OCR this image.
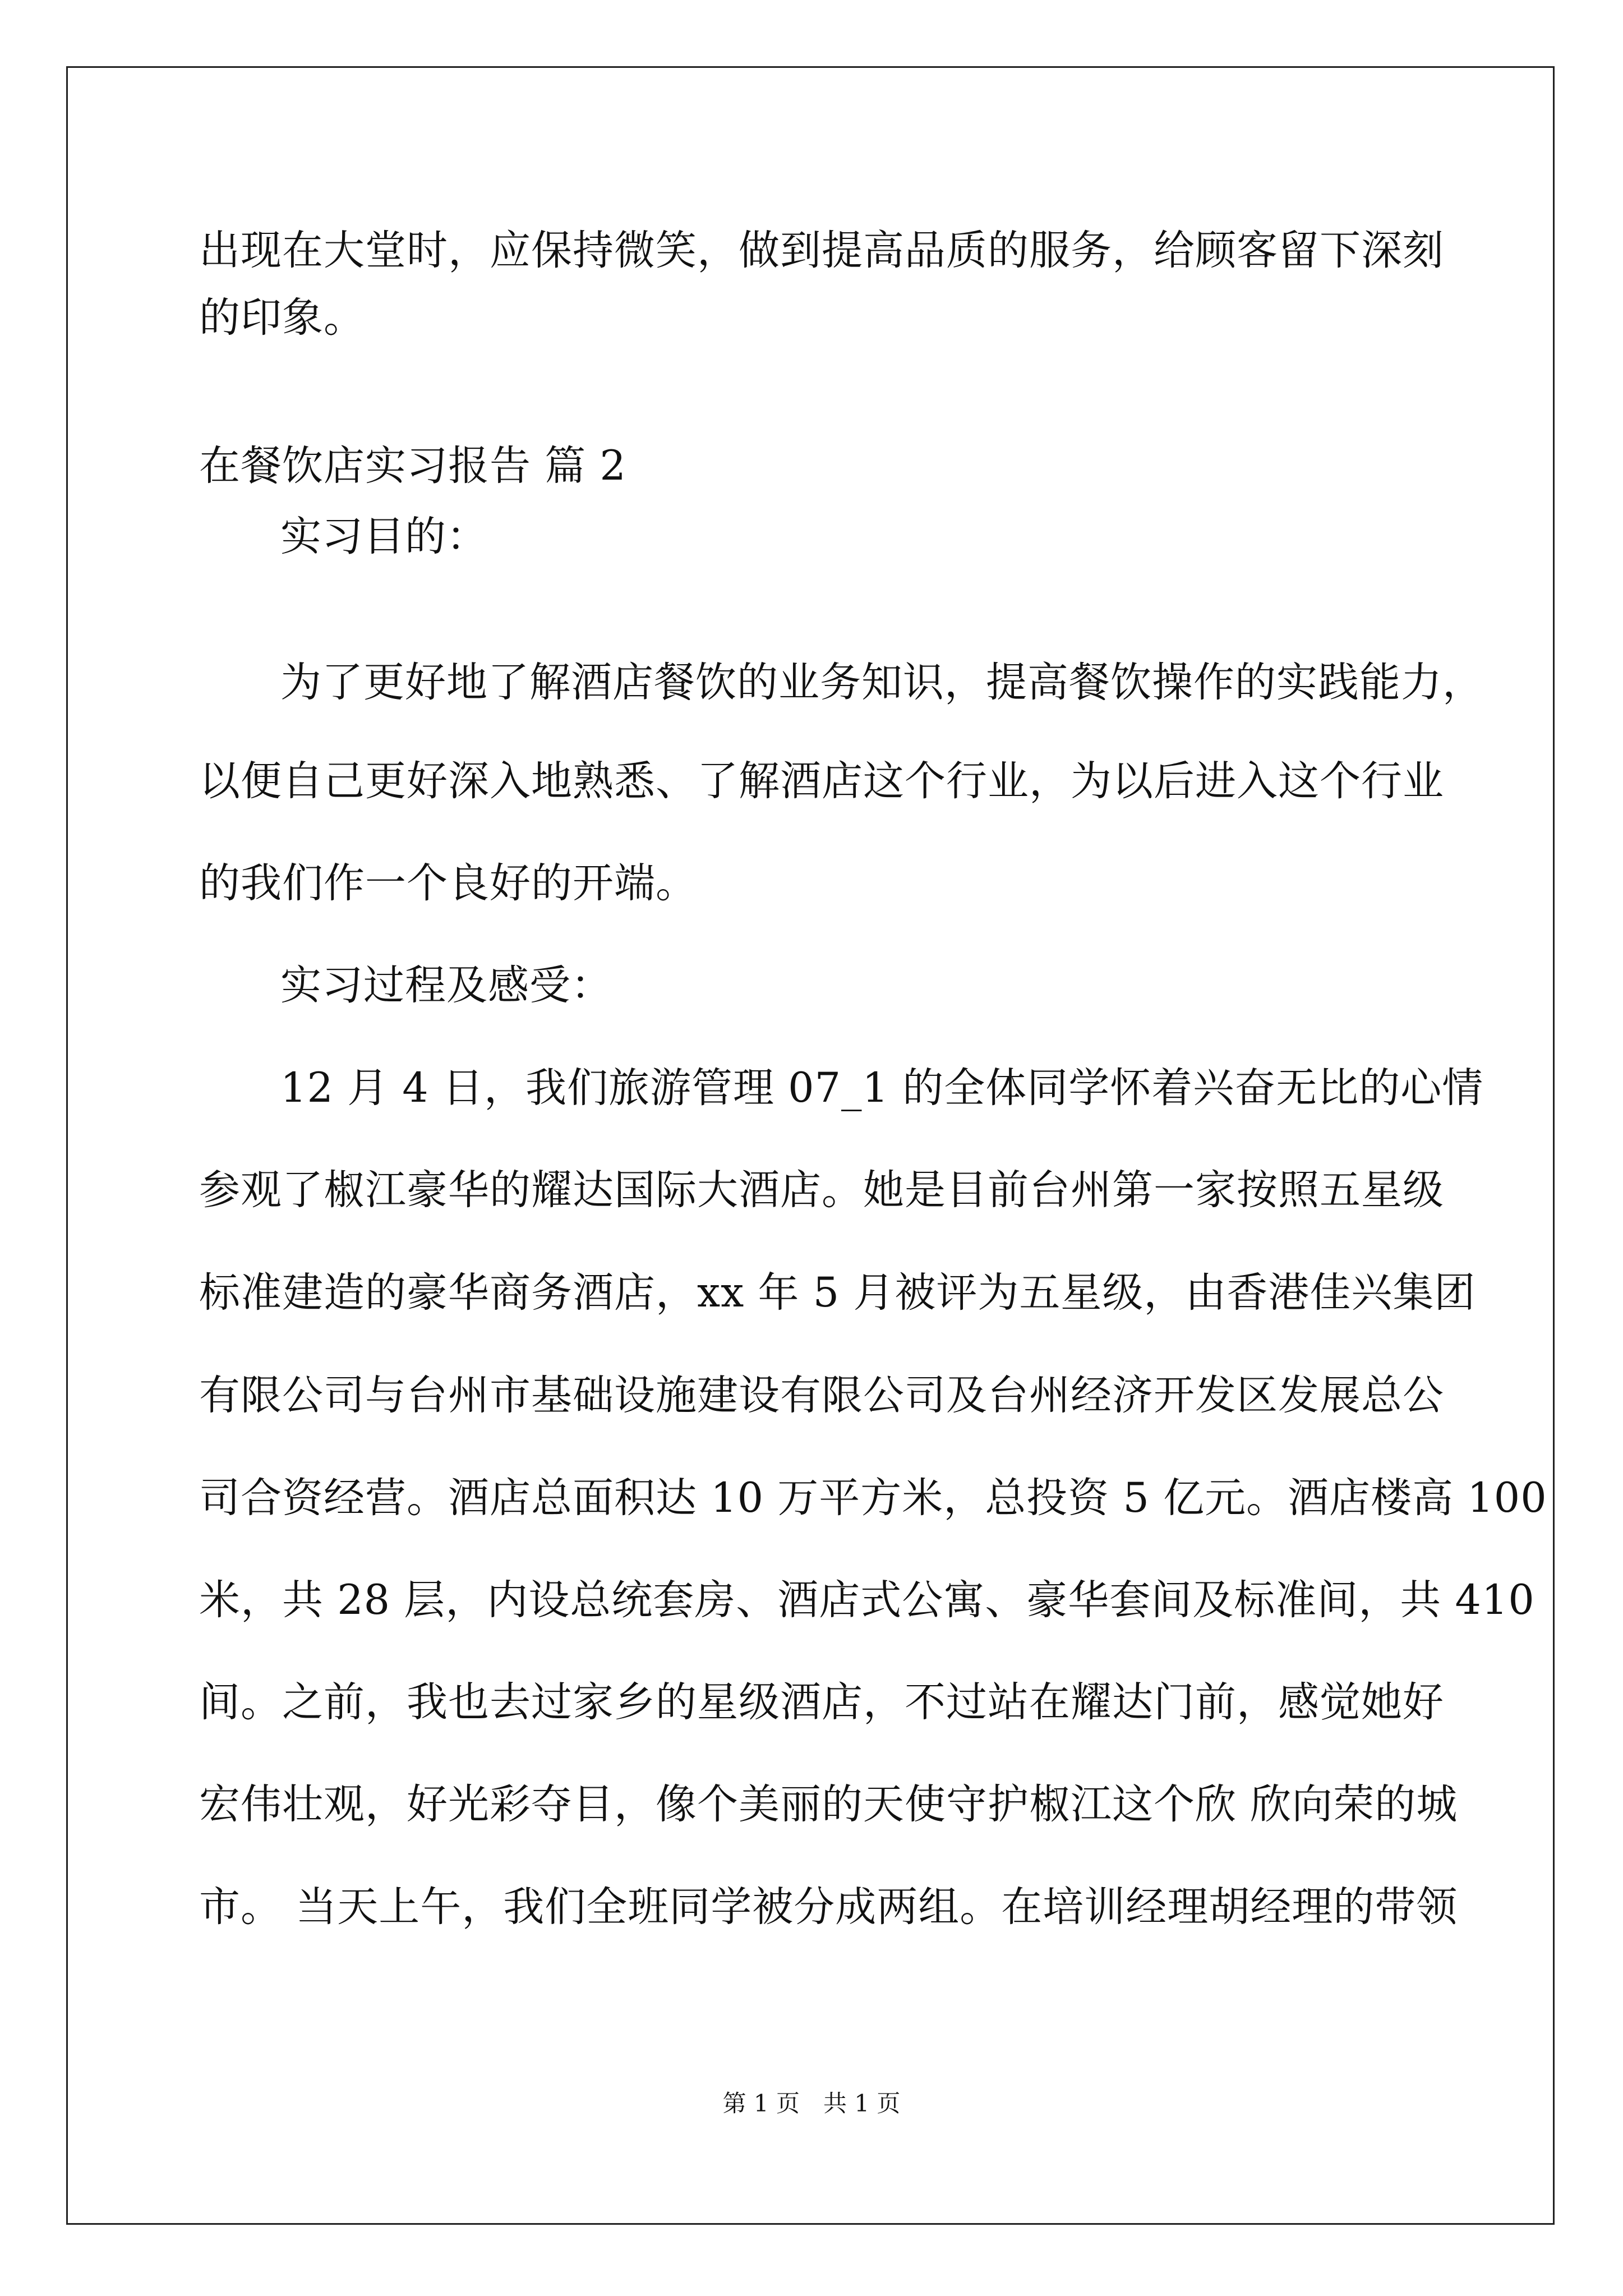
出现在大堂时，应保持微笑，做到提高品质的服务，给顾客留下深刻
的印象。
在餐饮店实习报告 篇 2
实习目的：
为了更好地了解酒店餐饮的业务知识，提高餐饮操作的实践能力，
以便自己更好深入地熟悉、了解酒店这个行业，为以后进入这个行业
的我们作一个良好的开端。
实习过程及感受：
12 月 4 日，我们旅游管理 07_1 的全体同学怀着兴奋无比的心情
参观了椒江豪华的耀达国际大酒店。她是目前台州第一家按照五星级
标准建造的豪华商务酒店，xx 年 5 月被评为五星级，由香港佳兴集团
有限公司与台州市基础设施建设有限公司及台州经济开发区发展总公
司合资经营。酒店总面积达 10 万平方米，总投资 5 亿元。酒店楼高 100
米，共 28 层，内设总统套房、酒店式公寓、豪华套间及标准间，共 410
间。之前，我也去过家乡的星级酒店，不过站在耀达门前，感觉她好
宏伟壮观，好光彩夺目，像个美丽的天使守护椒江这个欣 欣向荣的城
市。 当天上午，我们全班同学被分成两组。在培训经理胡经理的带领
第 1 页　共 1 页
